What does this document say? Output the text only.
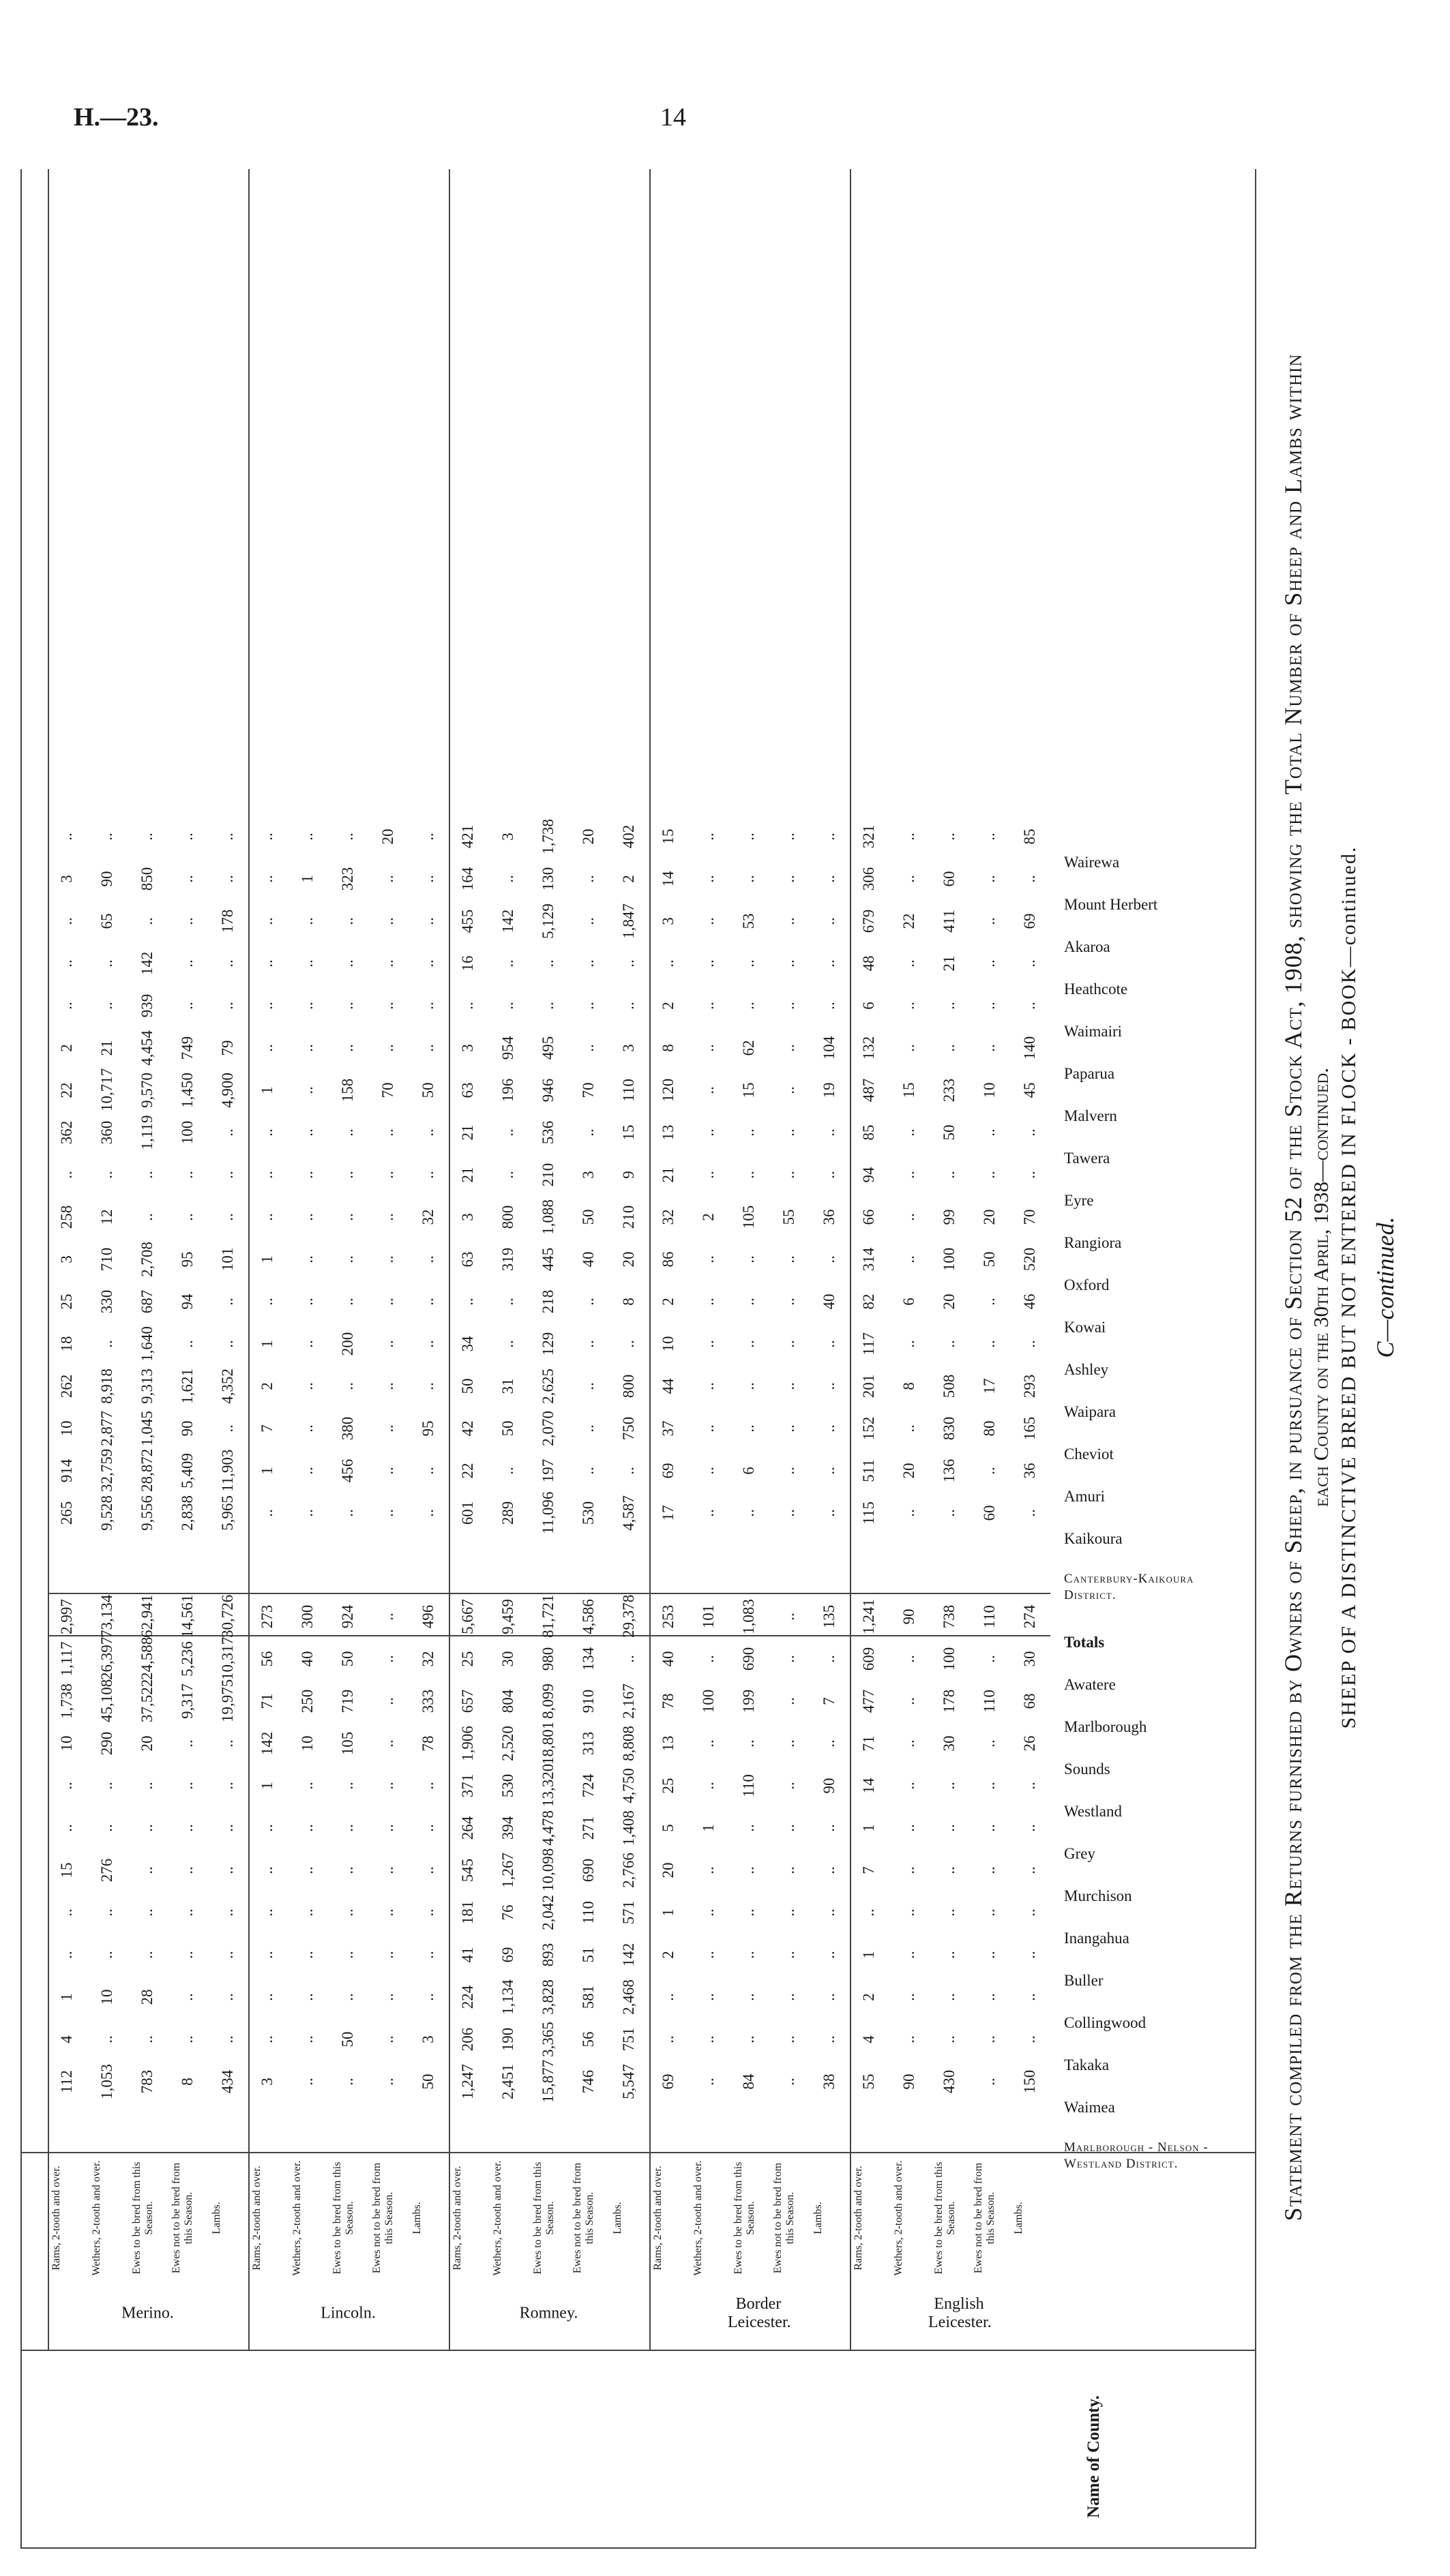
H.—23.	14
Statement compiled from the Returns furnished by Owners of Sheep, in pursuance of Section 52 of the Stock Act, 1908, showing the Total Number of Sheep and Lambs within each County on the 30th April, 1938—continued. SHEEP OF A DISTINCTIVE BREED BUT NOT ENTERED IN FLOCK - BOOK—continued. C—continued.
Name of County.
Merino.	Lincoln.	Romney.
Border Leicester.
English Leicester.
Rams, 2-tooth and over.	Wethers, 2-tooth and over.	Ewes to be bred from this Season.	Ewes not to be bred from this Season.	Lambs.	Rams, 2-tooth and over.	Wethers, 2-tooth and over.	Ewes to be bred from this Season.	Ewes not to be bred from this Season.	Lambs.	Rams, 2-tooth and over.	Wethers, 2-tooth and over.	Ewes to be bred from this Season.	Ewes not to be bred from this Season.	Lambs.	Rams, 2-tooth and over.	Wethers, 2-tooth and over.	Ewes to be bred from this Season.	Ewes not to be bred from this Season.	Lambs.	Rams, 2-tooth and over.	Wethers, 2-tooth and over.	Ewes to be bred from this Season.	Ewes not to be bred from this Season.	Lambs.
Marlborough - Nelson - Westland District.
Waimea
112 1,053 783 8 434 3 .. .. .. 50 1,247 2,451 15,877 746 5,547 69 .. 84 .. 38 55 90 430 .. 150
Takaka
4 .. .. .. .. .. .. 50 .. 3 206 190 3,365 56 751 .. .. .. .. .. 4 .. .. .. ..
Collingwood
1 10 28 .. .. .. .. .. .. .. 224 1,134 3,828 581 2,468 .. .. .. .. .. 2 .. .. .. ..
Buller
.. .. .. .. .. .. .. .. .. .. 41 69 893 51 142 2 .. .. .. .. 1 .. .. .. ..
Inangahua
.. .. .. .. .. .. .. .. .. .. 181 76 2,042 110 571 1 .. .. .. .. .. .. .. .. ..
Murchison
15 276 .. .. .. .. .. .. .. .. 545 1,267 10,098 690 2,766 20 .. .. .. .. 7 .. .. .. ..
Grey
.. .. .. .. .. .. .. .. .. .. 264 394 4,478 271 1,408 5 1 .. .. .. 1 .. .. .. ..
Westland
.. .. .. .. .. 1 .. .. .. .. 371 530 13,320 724 4,750 25 .. 110 .. 90 14 .. .. .. ..
Sounds
10 290 20 .. .. 142 10 105 .. 78 1,906 2,520 18,801 313 8,808 13 .. .. .. .. 71 .. 30 .. 26
Marlborough
1,738 45,108 37,522 9,317 19,975 71 250 719 .. 333 657 804 8,099 910 2,167 78 100 199 .. 7 477 .. 178 110 68
Awatere
1,117 26,397 24,588 5,236 10,317 56 40 50 .. 32 25 30 980 134 .. 40 .. 690 .. .. 609 .. 100 .. 30
Totals
2,997 73,134 62,941 14,561 30,726 273 300 924 .. 496 5,667 9,459 81,721 4,586 29,378 253 101 1,083 .. 135 1,241 90 738 110 274
Canterbury-Kaikoura District.
Kaikoura
265 9,528 9,556 2,838 5,965 .. .. .. .. .. 601 289 11,096 530 4,587 17 .. .. .. .. 115 .. .. 60 ..
Amuri
914 32,759 28,872 5,409 11,903 1 .. 456 .. .. 22 .. 197 .. .. 69 .. 6 .. .. 511 20 136 .. 36
Cheviot
10 2,877 1,045 90 .. 7 .. 380 .. 95 42 50 2,070 .. 750 37 .. .. .. .. 152 .. 830 80 165
Waipara
262 8,918 9,313 1,621 4,352 2 .. .. .. .. 50 31 2,625 .. 800 44 .. .. .. .. 201 8 508 17 293
Ashley
18 .. 1,640 .. .. 1 .. 200 .. .. 34 .. 129 .. .. 10 .. .. .. .. 117 .. .. .. ..
Kowai
25 330 687 94 .. .. .. .. .. .. .. .. 218 .. 8 2 .. .. .. 40 82 6 20 .. 46
Oxford
3 710 2,708 95 101 1 .. .. .. .. 63 319 445 40 20 86 .. .. .. .. 314 .. 100 50 520
Rangiora
258 12 .. .. .. .. .. .. .. 32 3 800 1,088 50 210 32 2 105 55 36 66 .. 99 20 70
Eyre
.. .. .. .. .. .. .. .. .. .. 21 .. 210 3 9 21 .. .. .. .. 94 .. .. .. ..
Tawera
362 360 1,119 100 .. .. .. .. .. .. 21 .. 536 .. 15 13 .. .. .. .. 85 .. 50 .. ..
Malvern
22 10,717 9,570 1,450 4,900 1 .. 158 70 50 63 196 946 70 110 120 .. 15 .. 19 487 15 233 10 45
Paparua
2 21 4,454 749 79 .. .. .. .. .. 3 954 495 .. 3 8 .. 62 .. 104 132 .. .. .. 140
Waimairi
.. .. 939 .. .. .. .. .. .. .. .. .. .. .. .. 2 .. .. .. .. 6 .. .. .. ..
Heathcote
.. .. 142 .. .. .. .. .. .. .. 16 .. .. .. .. .. .. .. .. .. 48 .. 21 .. ..
Akaroa
.. 65 .. .. 178 .. .. .. .. .. 455 142 5,129 .. 1,847 3 .. 53 .. .. 679 22 411 .. 69
Mount Herbert
3 90 850 .. .. .. 1 323 .. .. 164 .. 130 .. 2 14 .. .. .. .. 306 .. 60 .. ..
Wairewa
.. .. .. .. .. .. .. .. 20 .. 421 3 1,738 20 402 15 .. .. .. .. 321 .. .. .. 85
